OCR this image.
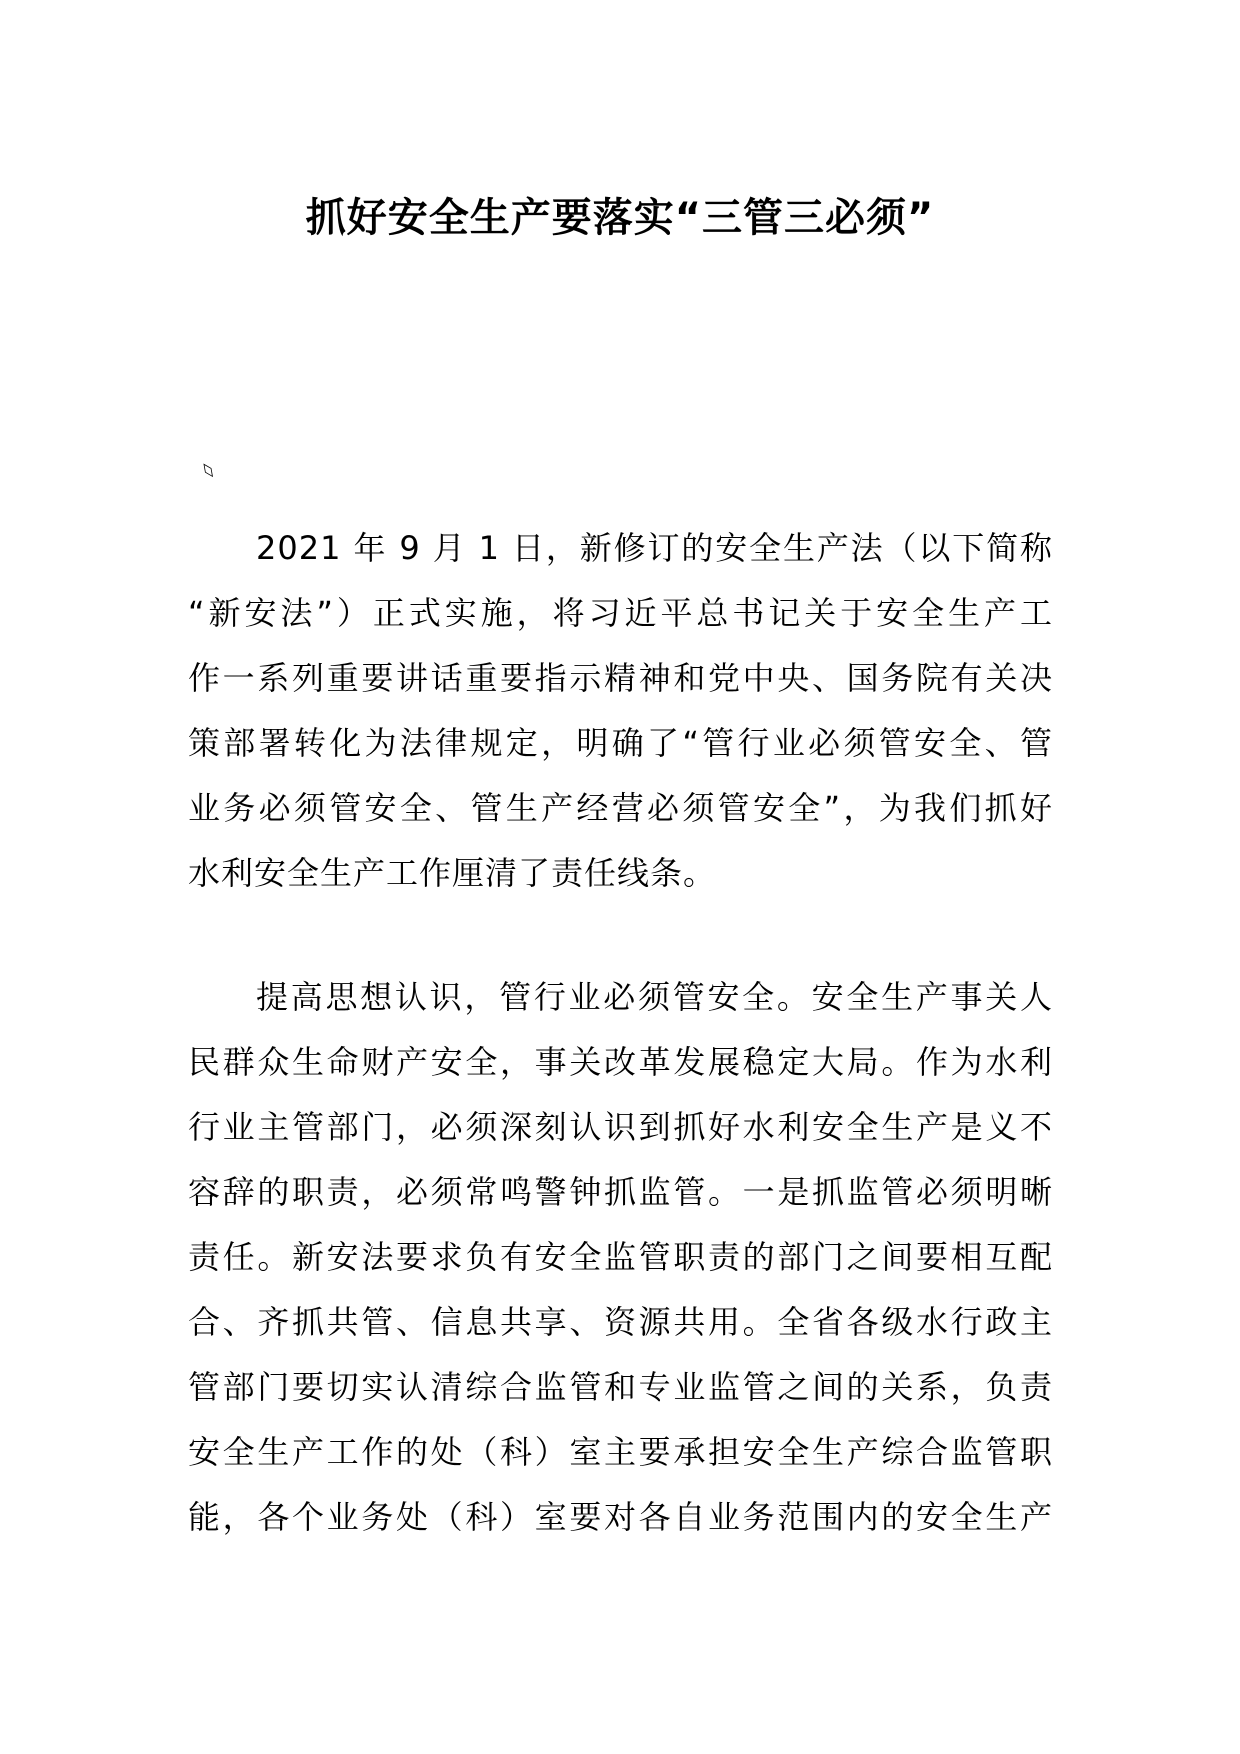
抓好安全生产要落实“三管三必须”
◊

2021 年 9 月 1 日，新修订的安全生产法（以下简称
“新安法”）正式实施，将习近平总书记关于安全生产工
作一系列重要讲话重要指示精神和党中央、国务院有关决
策部署转化为法律规定，明确了“管行业必须管安全、管
业务必须管安全、管生产经营必须管安全”，为我们抓好
水利安全生产工作厘清了责任线条。

提高思想认识，管行业必须管安全。安全生产事关人
民群众生命财产安全，事关改革发展稳定大局。作为水利
行业主管部门，必须深刻认识到抓好水利安全生产是义不
容辞的职责，必须常鸣警钟抓监管。一是抓监管必须明晰
责任。新安法要求负有安全监管职责的部门之间要相互配
合、齐抓共管、信息共享、资源共用。全省各级水行政主
管部门要切实认清综合监管和专业监管之间的关系，负责
安全生产工作的处（科）室主要承担安全生产综合监管职
能，各个业务处（科）室要对各自业务范围内的安全生产
